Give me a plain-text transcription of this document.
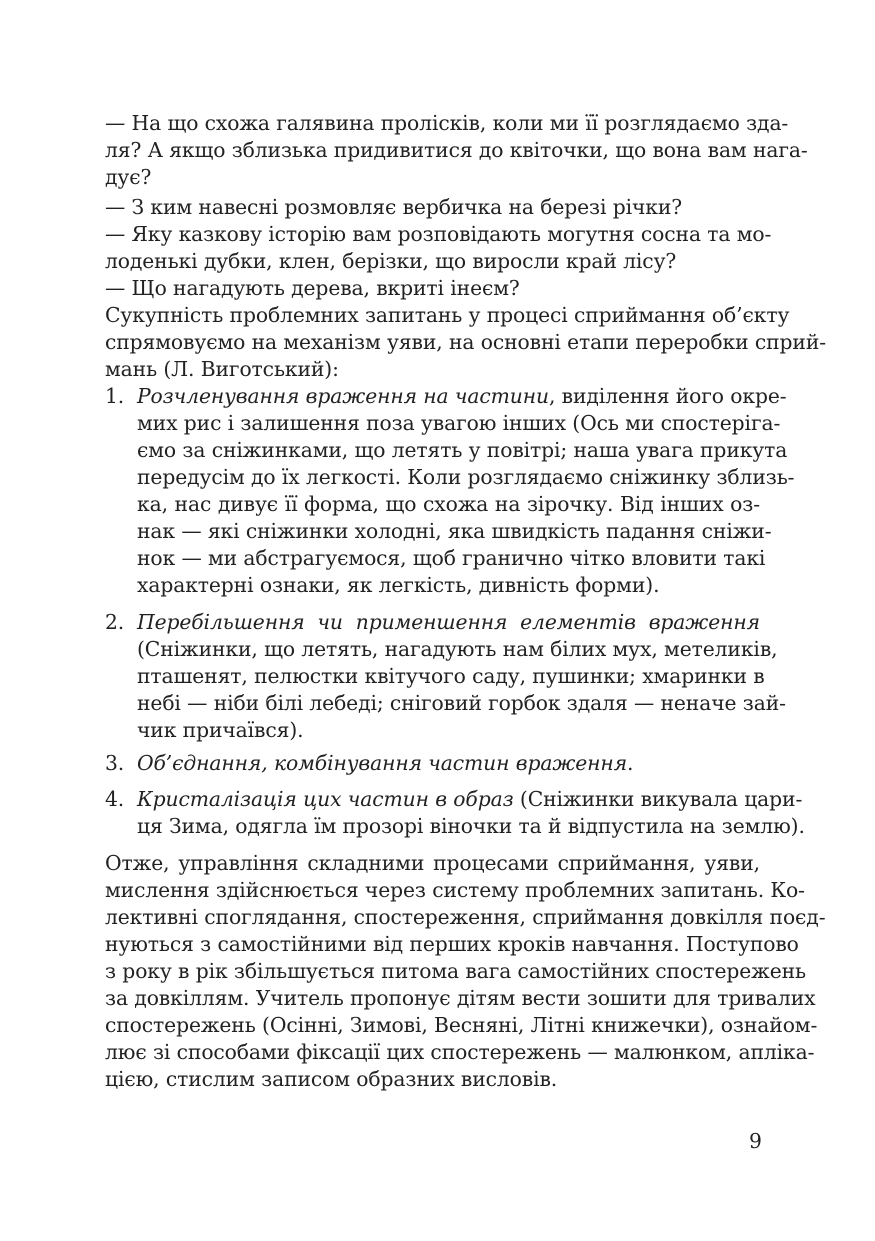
— На що схожа галявина пролісків, коли ми її розглядаємо зда-
ля? А якщо зблизька придивитися до квіточки, що вона вам нага-
дує?
— З ким навесні розмовляє вербичка на березі річки?
— Яку казкову історію вам розповідають могутня сосна та мо-
лоденькі дубки, клен, берізки, що виросли край лісу?
— Що нагадують дерева, вкриті інеєм?
Сукупність проблемних запитань у процесі сприймання об’єкту
спрямовуємо на механізм уяви, на основні етапи переробки сприй-
мань (Л. Виготський):
1. Розчленування враження на частини, виділення його окре-
мих рис і залишення поза увагою інших (Ось ми спостеріга-
ємо за сніжинками, що летять у повітрі; наша увага прикута
передусім до їх легкості. Коли розглядаємо сніжинку зблизь-
ка, нас дивує її форма, що схожа на зірочку. Від інших оз-
нак — які сніжинки холодні, яка швидкість падання сніжи-
нок — ми абстрагуємося, щоб гранично чітко вловити такі
характерні ознаки, як легкість, дивність форми).
2. Перебільшення чи применшення елементів враження
(Сніжинки, що летять, нагадують нам білих мух, метеликів,
пташенят, пелюстки квітучого саду, пушинки; хмаринки в
небі — ніби білі лебеді; сніговий горбок здаля — неначе зай-
чик причаївся).
3. Об’єднання, комбінування частин враження.
4. Кристалізація цих частин в образ (Сніжинки викувала цари-
ця Зима, одягла їм прозорі віночки та й відпустила на землю).
Отже, управління складними процесами сприймання, уяви,
мислення здійснюється через систему проблемних запитань. Ко-
лективні споглядання, спостереження, сприймання довкілля поєд-
нуються з самостійними від перших кроків навчання. Поступово
з року в рік збільшується питома вага самостійних спостережень
за довкіллям. Учитель пропонує дітям вести зошити для тривалих
спостережень (Осінні, Зимові, Весняні, Літні книжечки), ознайом-
лює зі способами фіксації цих спостережень — малюнком, апліка-
цією, стислим записом образних висловів.
9
